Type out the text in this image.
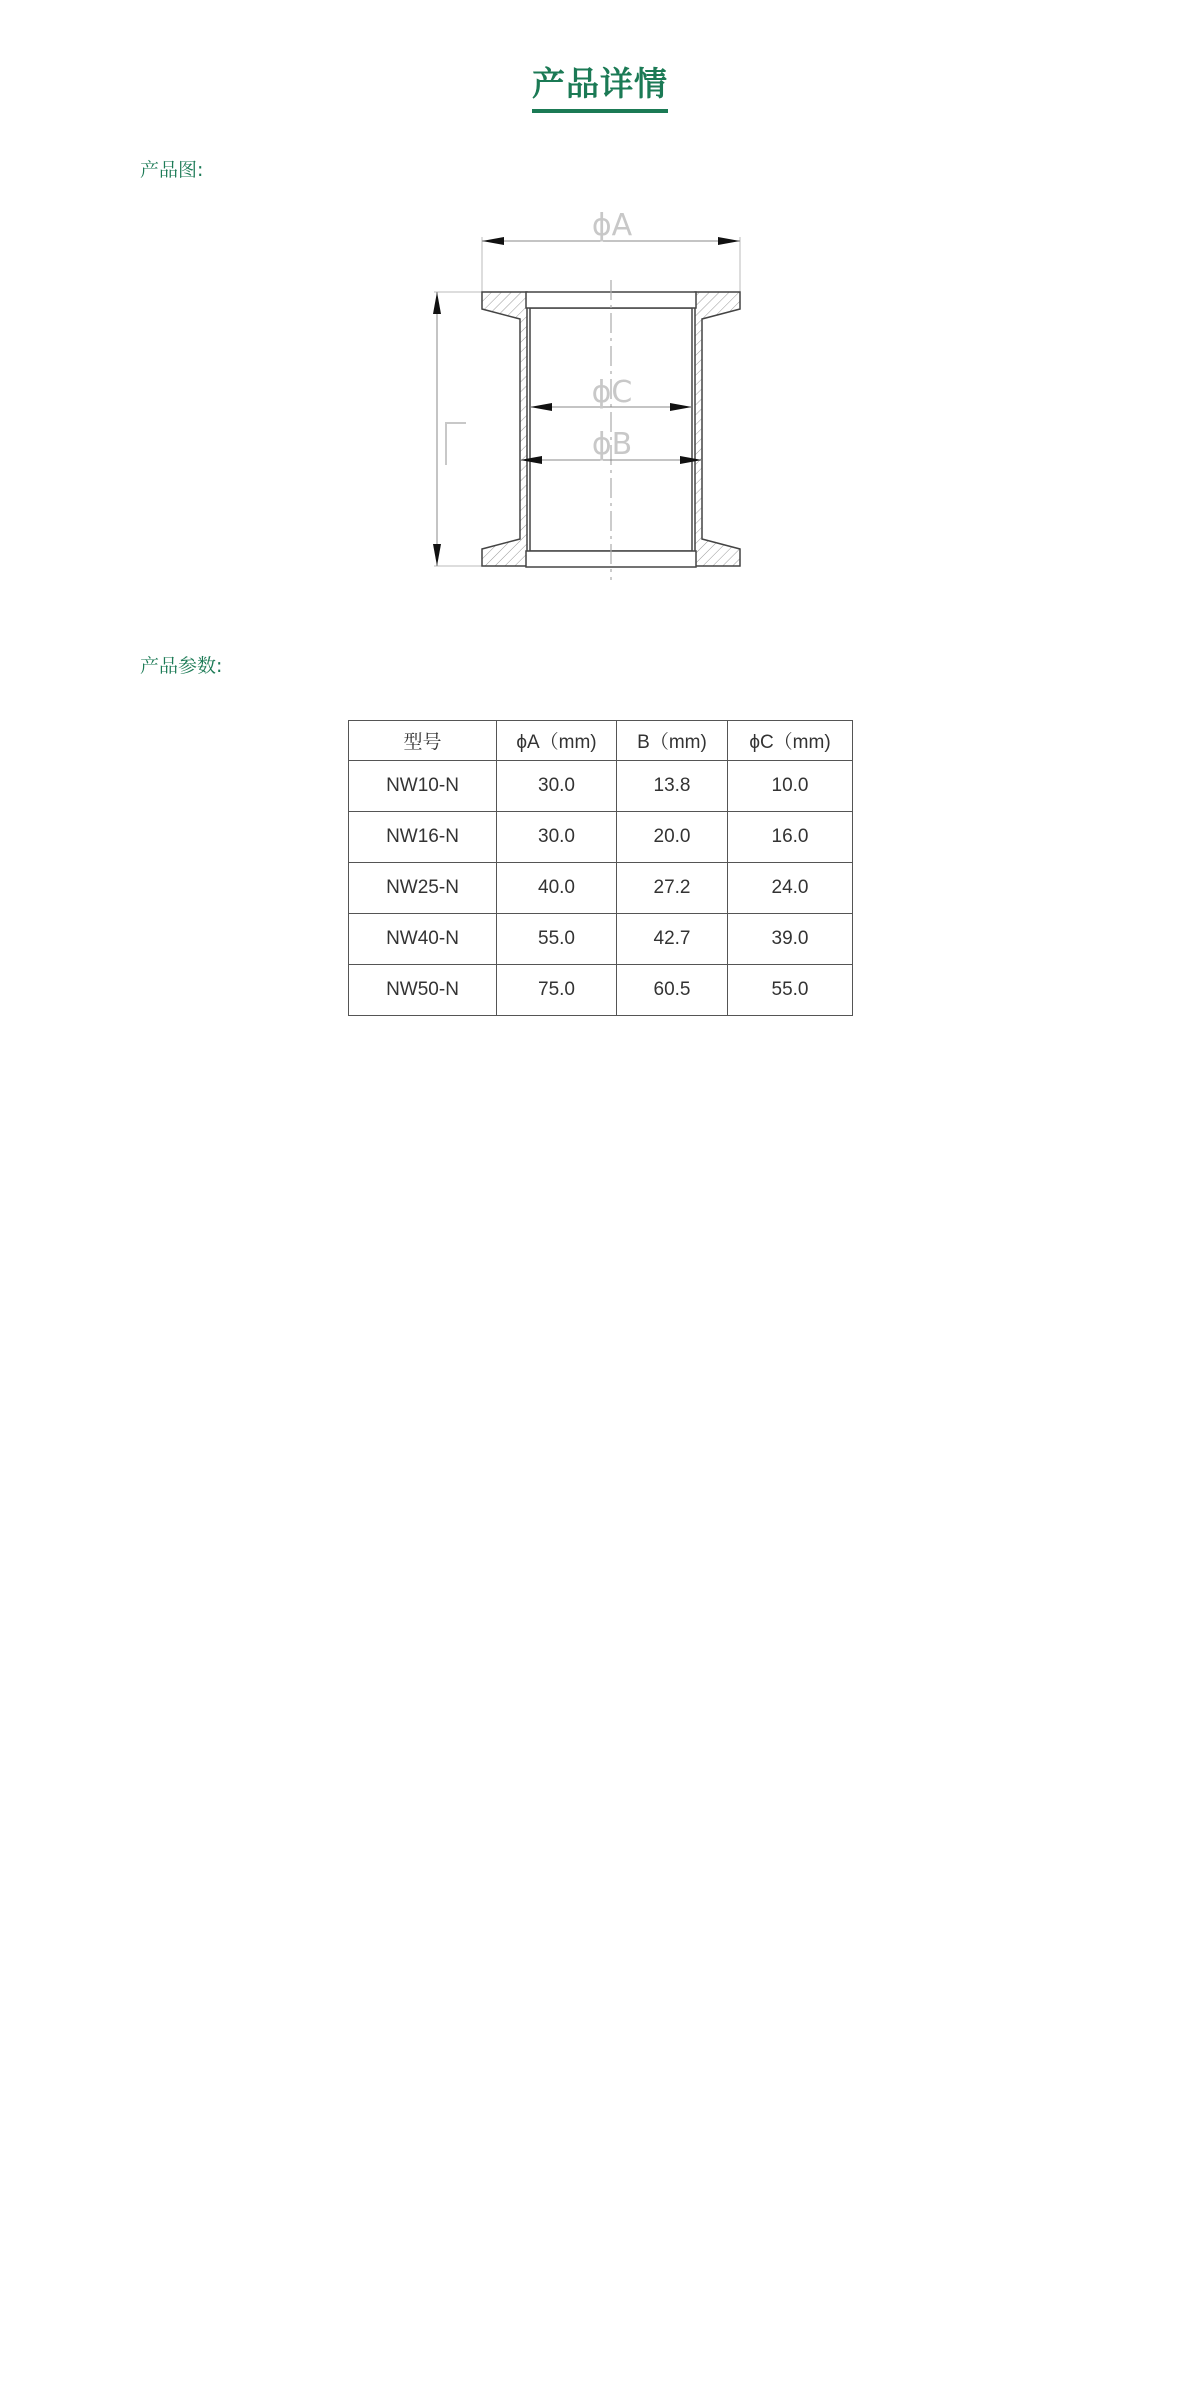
产品详情
产品图:
ϕA
ϕC
ϕB
产品参数:
型号	ϕA（mm)	B（mm)	ϕC（mm)
NW10-N	30.0	13.8	10.0
NW16-N	30.0	20.0	16.0
NW25-N	40.0	27.2	24.0
NW40-N	55.0	42.7	39.0
NW50-N	75.0	60.5	55.0
